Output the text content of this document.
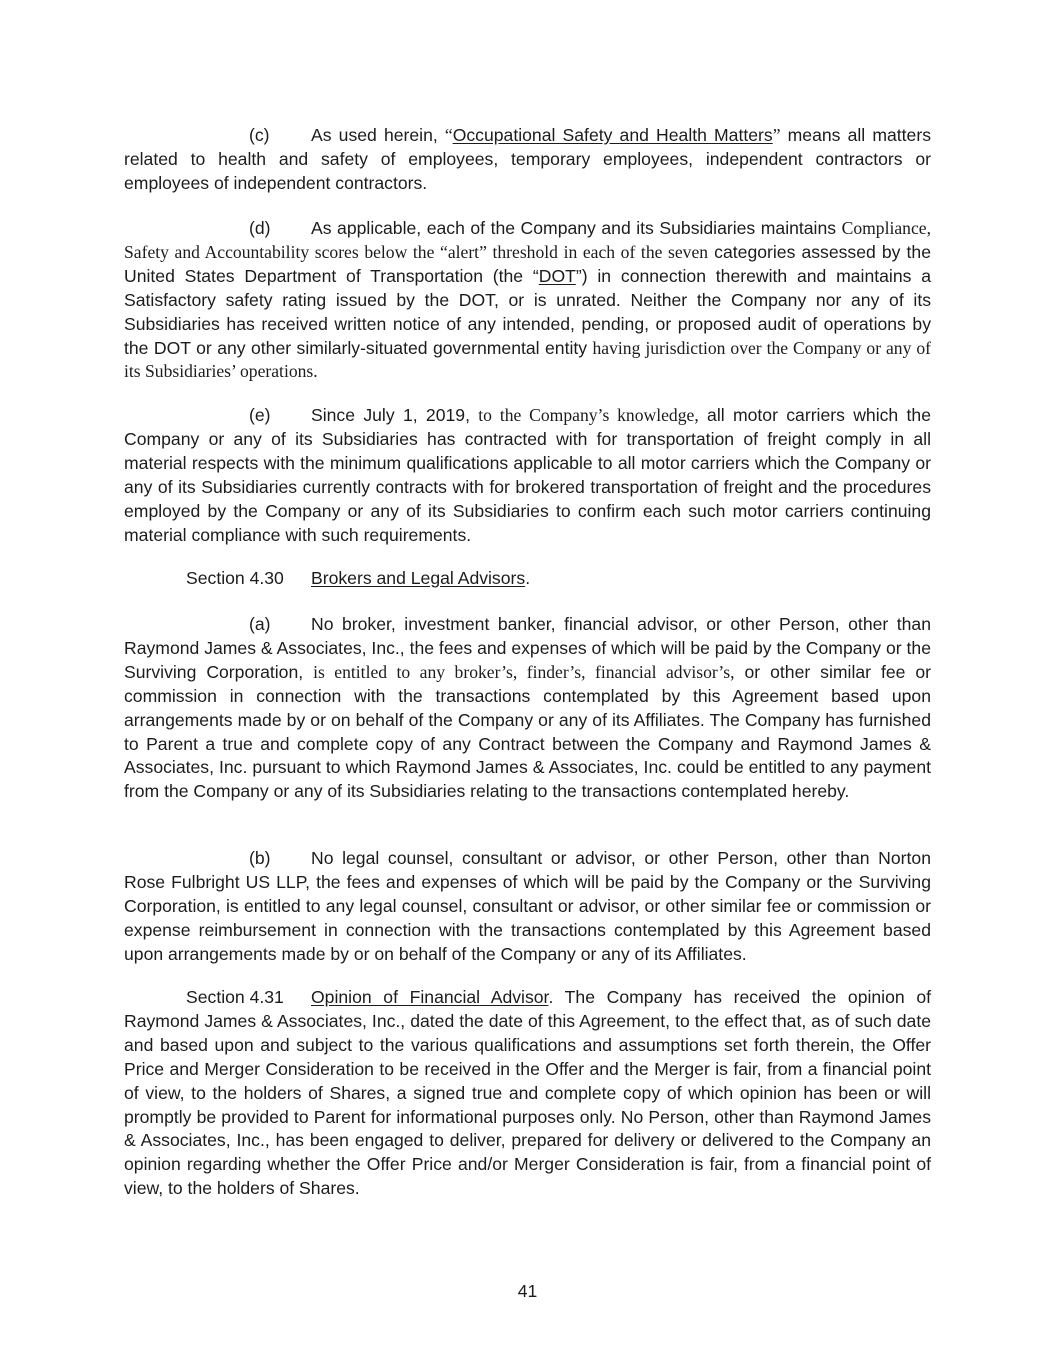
(c) As used herein, “Occupational Safety and Health Matters” means all matters related to health and safety of employees, temporary employees, independent contractors or employees of independent contractors.

(d) As applicable, each of the Company and its Subsidiaries maintains Compliance, Safety and Accountability scores below the “alert” threshold in each of the seven categories assessed by the United States Department of Transportation (the “DOT”) in connection therewith and maintains a Satisfactory safety rating issued by the DOT, or is unrated. Neither the Company nor any of its Subsidiaries has received written notice of any intended, pending, or proposed audit of operations by the DOT or any other similarly-situated governmental entity having jurisdiction over the Company or any of its Subsidiaries’ operations.

(e) Since July 1, 2019, to the Company’s knowledge, all motor carriers which the Company or any of its Subsidiaries has contracted with for transportation of freight comply in all material respects with the minimum qualifications applicable to all motor carriers which the Company or any of its Subsidiaries currently contracts with for brokered transportation of freight and the procedures employed by the Company or any of its Subsidiaries to confirm each such motor carriers continuing material compliance with such requirements.

Section 4.30 Brokers and Legal Advisors.

(a) No broker, investment banker, financial advisor, or other Person, other than Raymond James & Associates, Inc., the fees and expenses of which will be paid by the Company or the Surviving Corporation, is entitled to any broker’s, finder’s, financial advisor’s, or other similar fee or commission in connection with the transactions contemplated by this Agreement based upon arrangements made by or on behalf of the Company or any of its Affiliates. The Company has furnished to Parent a true and complete copy of any Contract between the Company and Raymond James & Associates, Inc. pursuant to which Raymond James & Associates, Inc. could be entitled to any payment from the Company or any of its Subsidiaries relating to the transactions contemplated hereby.

(b) No legal counsel, consultant or advisor, or other Person, other than Norton Rose Fulbright US LLP, the fees and expenses of which will be paid by the Company or the Surviving Corporation, is entitled to any legal counsel, consultant or advisor, or other similar fee or commission or expense reimbursement in connection with the transactions contemplated by this Agreement based upon arrangements made by or on behalf of the Company or any of its Affiliates.

Section 4.31 Opinion of Financial Advisor. The Company has received the opinion of Raymond James & Associates, Inc., dated the date of this Agreement, to the effect that, as of such date and based upon and subject to the various qualifications and assumptions set forth therein, the Offer Price and Merger Consideration to be received in the Offer and the Merger is fair, from a financial point of view, to the holders of Shares, a signed true and complete copy of which opinion has been or will promptly be provided to Parent for informational purposes only. No Person, other than Raymond James & Associates, Inc., has been engaged to deliver, prepared for delivery or delivered to the Company an opinion regarding whether the Offer Price and/or Merger Consideration is fair, from a financial point of view, to the holders of Shares.

41
